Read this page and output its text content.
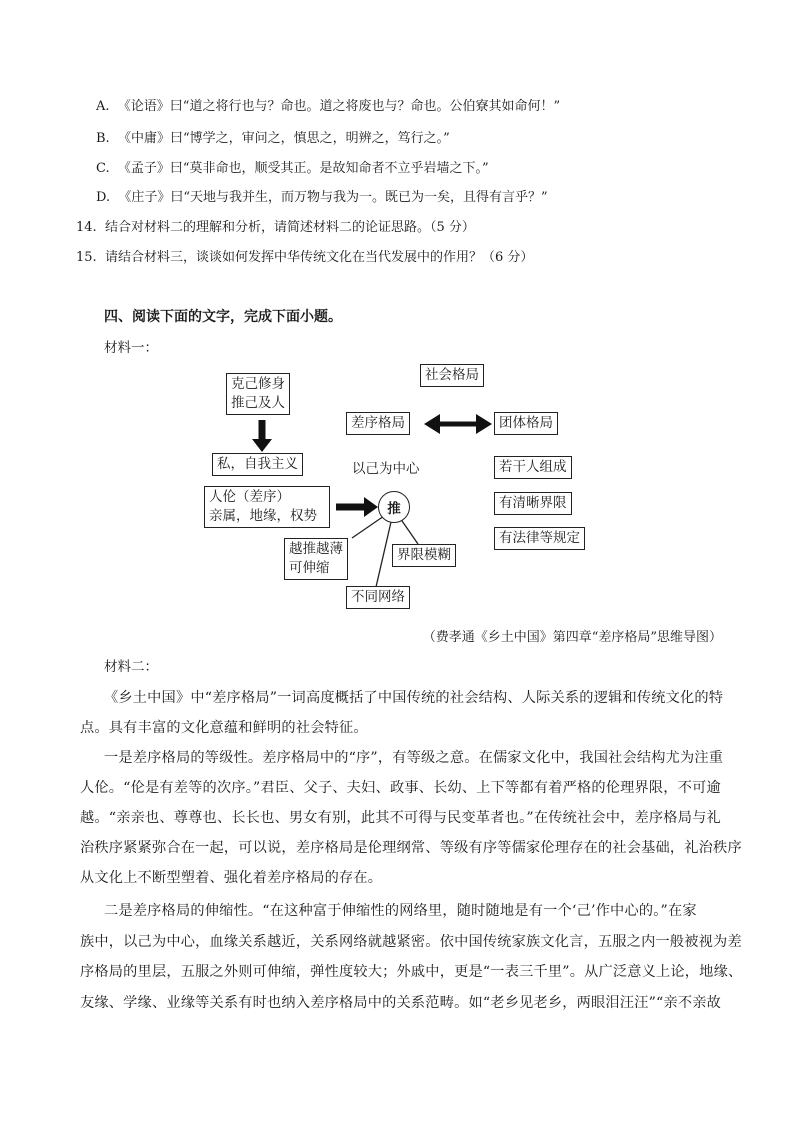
A. 《论语》曰“道之将行也与？命也。道之将废也与？命也。公伯寮其如命何！”
B. 《中庸》曰“博学之，审问之，慎思之，明辨之，笃行之。”
C. 《孟子》曰“莫非命也，顺受其正。是故知命者不立乎岩墙之下。”
D. 《庄子》曰“天地与我并生，而万物与我为一。既已为一矣，且得有言乎？”
14. 结合对材料二的理解和分析，请简述材料二的论证思路。（5 分）
15. 请结合材料三，谈谈如何发挥中华传统文化在当代发展中的作用？（6 分）
四、阅读下面的文字，完成下面小题。
材料一：
克己修身
推己及人
私，自我主义	以己为中心
人伦（差序）
亲属，地缘，权势	推
越推越薄
可伸缩
界限模糊
不同网络
社会格局
差序格局	团体格局
若干人组成
有清晰界限
有法律等规定
（费孝通《乡土中国》第四章“差序格局”思维导图）
材料二：
《乡土中国》中“差序格局”一词高度概括了中国传统的社会结构、人际关系的逻辑和传统文化的特
点。具有丰富的文化意蕴和鲜明的社会特征。
一是差序格局的等级性。差序格局中的“序”，有等级之意。在儒家文化中，我国社会结构尤为注重
人伦。“伦是有差等的次序。”君臣、父子、夫妇、政事、长幼、上下等都有着严格的伦理界限，不可逾
越。“亲亲也、尊尊也、长长也、男女有别，此其不可得与民变革者也。”在传统社会中，差序格局与礼
治秩序紧紧弥合在一起，可以说，差序格局是伦理纲常、等级有序等儒家伦理存在的社会基础，礼治秩序
从文化上不断型塑着、强化着差序格局的存在。
二是差序格局的伸缩性。“在这种富于伸缩性的网络里，随时随地是有一个‘己’作中心的。”在家
族中，以己为中心，血缘关系越近，关系网络就越紧密。依中国传统家族文化言，五服之内一般被视为差
序格局的里层，五服之外则可伸缩，弹性度较大；外戚中，更是“一表三千里”。从广泛意义上论，地缘、
友缘、学缘、业缘等关系有时也纳入差序格局中的关系范畴。如“老乡见老乡，两眼泪汪汪”“亲不亲故
